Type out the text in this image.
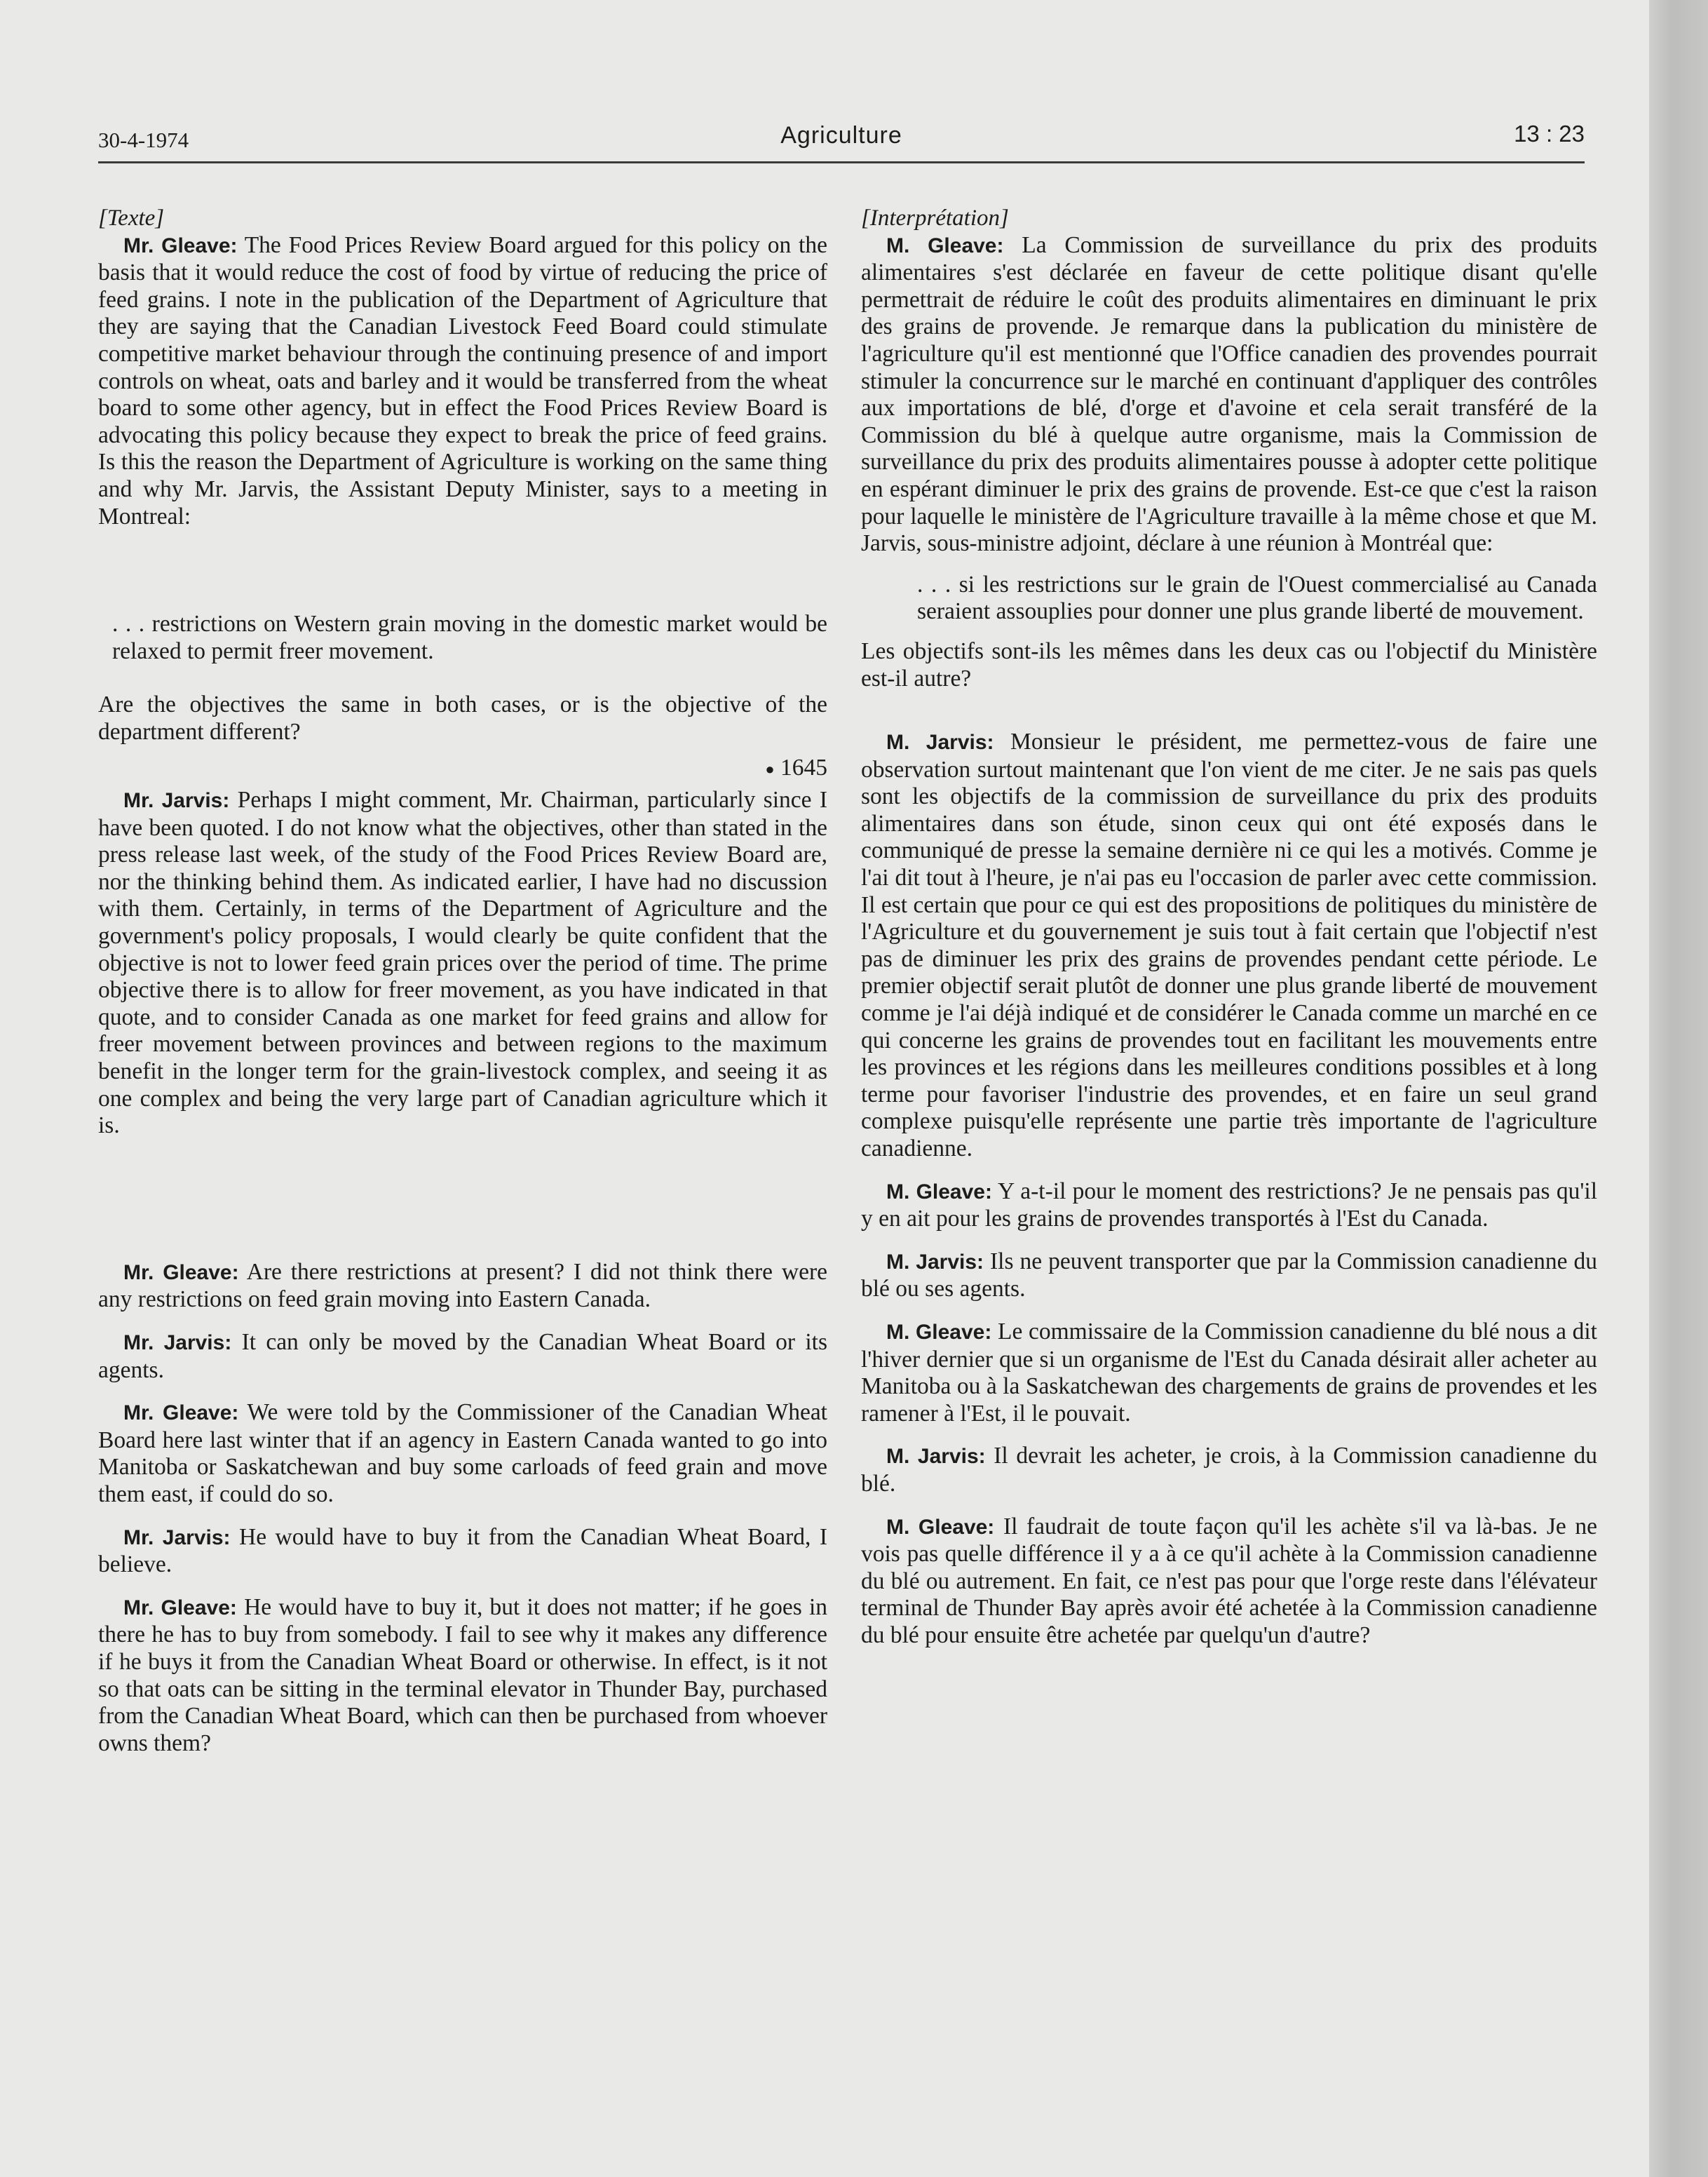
30-4-1974	Agriculture	13 : 23

[Texte]

Mr. Gleave: The Food Prices Review Board argued for this policy on the basis that it would reduce the cost of food by virtue of reducing the price of feed grains. I note in the publication of the Department of Agriculture that they are saying that the Canadian Livestock Feed Board could stimulate competitive market behaviour through the continuing presence of and import controls on wheat, oats and barley and it would be transferred from the wheat board to some other agency, but in effect the Food Prices Review Board is advocating this policy because they expect to break the price of feed grains. Is this the reason the Department of Agriculture is working on the same thing and why Mr. Jarvis, the Assistant Deputy Minister, says to a meeting in Montreal:

. . . restrictions on Western grain moving in the domestic market would be relaxed to permit freer movement.

Are the objectives the same in both cases, or is the objective of the department different?

● 1645

Mr. Jarvis: Perhaps I might comment, Mr. Chairman, particularly since I have been quoted. I do not know what the objectives, other than stated in the press release last week, of the study of the Food Prices Review Board are, nor the thinking behind them. As indicated earlier, I have had no discussion with them. Certainly, in terms of the Department of Agriculture and the government's policy proposals, I would clearly be quite confident that the objective is not to lower feed grain prices over the period of time. The prime objective there is to allow for freer movement, as you have indicated in that quote, and to consider Canada as one market for feed grains and allow for freer movement between provinces and between regions to the maximum benefit in the longer term for the grain-livestock complex, and seeing it as one complex and being the very large part of Canadian agriculture which it is.

Mr. Gleave: Are there restrictions at present? I did not think there were any restrictions on feed grain moving into Eastern Canada.

Mr. Jarvis: It can only be moved by the Canadian Wheat Board or its agents.

Mr. Gleave: We were told by the Commissioner of the Canadian Wheat Board here last winter that if an agency in Eastern Canada wanted to go into Manitoba or Saskatchewan and buy some carloads of feed grain and move them east, if could do so.

Mr. Jarvis: He would have to buy it from the Canadian Wheat Board, I believe.

Mr. Gleave: He would have to buy it, but it does not matter; if he goes in there he has to buy from somebody. I fail to see why it makes any difference if he buys it from the Canadian Wheat Board or otherwise. In effect, is it not so that oats can be sitting in the terminal elevator in Thunder Bay, purchased from the Canadian Wheat Board, which can then be purchased from whoever owns them?

[Interprétation]

M. Gleave: La Commission de surveillance du prix des produits alimentaires s'est déclarée en faveur de cette politique disant qu'elle permettrait de réduire le coût des produits alimentaires en diminuant le prix des grains de provende. Je remarque dans la publication du ministère de l'agriculture qu'il est mentionné que l'Office canadien des provendes pourrait stimuler la concurrence sur le marché en continuant d'appliquer des contrôles aux importations de blé, d'orge et d'avoine et cela serait transféré de la Commission du blé à quelque autre organisme, mais la Commission de surveillance du prix des produits alimentaires pousse à adopter cette politique en espérant diminuer le prix des grains de provende. Est-ce que c'est la raison pour laquelle le ministère de l'Agriculture travaille à la même chose et que M. Jarvis, sous-ministre adjoint, déclare à une réunion à Montréal que:

. . . si les restrictions sur le grain de l'Ouest commercialisé au Canada seraient assouplies pour donner une plus grande liberté de mouvement.

Les objectifs sont-ils les mêmes dans les deux cas ou l'objectif du Ministère est-il autre?

M. Jarvis: Monsieur le président, me permettez-vous de faire une observation surtout maintenant que l'on vient de me citer. Je ne sais pas quels sont les objectifs de la commission de surveillance du prix des produits alimentaires dans son étude, sinon ceux qui ont été exposés dans le communiqué de presse la semaine dernière ni ce qui les a motivés. Comme je l'ai dit tout à l'heure, je n'ai pas eu l'occasion de parler avec cette commission. Il est certain que pour ce qui est des propositions de politiques du ministère de l'Agriculture et du gouvernement je suis tout à fait certain que l'objectif n'est pas de diminuer les prix des grains de provendes pendant cette période. Le premier objectif serait plutôt de donner une plus grande liberté de mouvement comme je l'ai déjà indiqué et de considérer le Canada comme un marché en ce qui concerne les grains de provendes tout en facilitant les mouvements entre les provinces et les régions dans les meilleures conditions possibles et à long terme pour favoriser l'industrie des provendes, et en faire un seul grand complexe puisqu'elle représente une partie très importante de l'agriculture canadienne.

M. Gleave: Y a-t-il pour le moment des restrictions? Je ne pensais pas qu'il y en ait pour les grains de provendes transportés à l'Est du Canada.

M. Jarvis: Ils ne peuvent transporter que par la Commission canadienne du blé ou ses agents.

M. Gleave: Le commissaire de la Commission canadienne du blé nous a dit l'hiver dernier que si un organisme de l'Est du Canada désirait aller acheter au Manitoba ou à la Saskatchewan des chargements de grains de provendes et les ramener à l'Est, il le pouvait.

M. Jarvis: Il devrait les acheter, je crois, à la Commission canadienne du blé.

M. Gleave: Il faudrait de toute façon qu'il les achète s'il va là-bas. Je ne vois pas quelle différence il y a à ce qu'il achète à la Commission canadienne du blé ou autrement. En fait, ce n'est pas pour que l'orge reste dans l'élévateur terminal de Thunder Bay après avoir été achetée à la Commission canadienne du blé pour ensuite être achetée par quelqu'un d'autre?
